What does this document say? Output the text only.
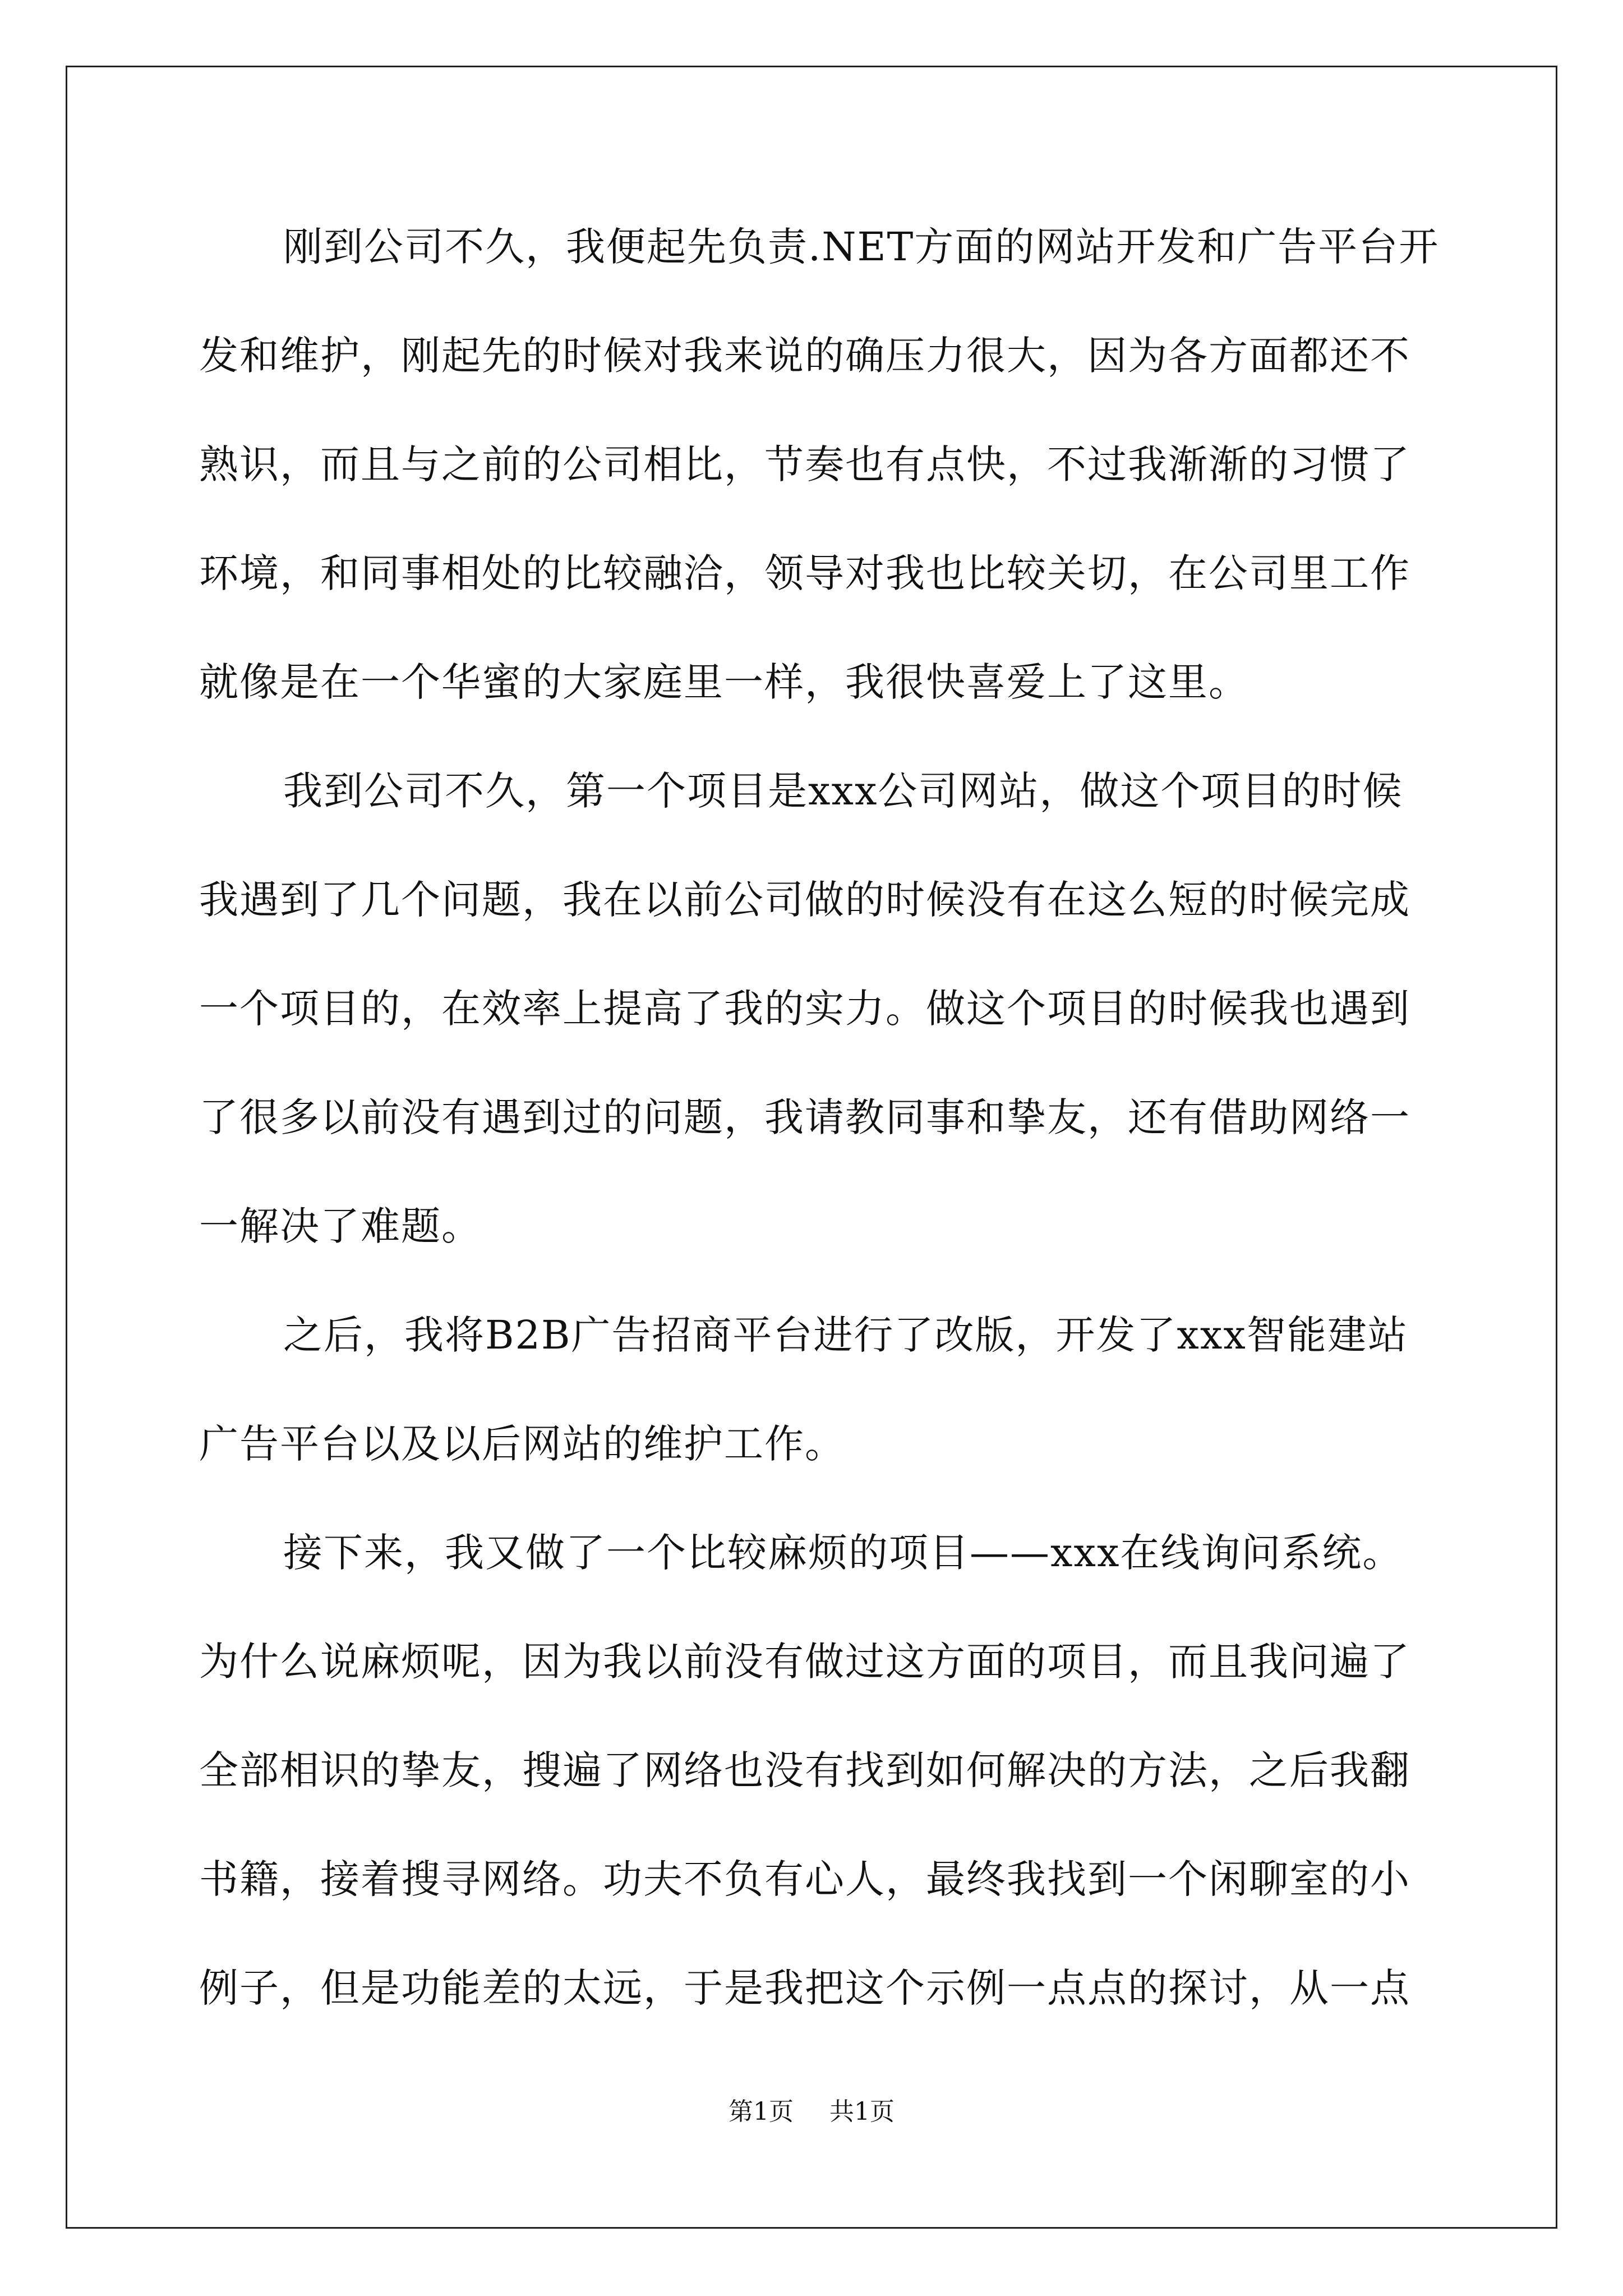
刚到公司不久，我便起先负责.NET方面的网站开发和广告平台开
发和维护，刚起先的时候对我来说的确压力很大，因为各方面都还不
熟识，而且与之前的公司相比，节奏也有点快，不过我渐渐的习惯了
环境，和同事相处的比较融洽，领导对我也比较关切，在公司里工作
就像是在一个华蜜的大家庭里一样，我很快喜爱上了这里。
我到公司不久，第一个项目是xxx公司网站，做这个项目的时候
我遇到了几个问题，我在以前公司做的时候没有在这么短的时候完成
一个项目的，在效率上提高了我的实力。做这个项目的时候我也遇到
了很多以前没有遇到过的问题，我请教同事和挚友，还有借助网络一
一解决了难题。
之后，我将B2B广告招商平台进行了改版，开发了xxx智能建站
广告平台以及以后网站的维护工作。
接下来，我又做了一个比较麻烦的项目——xxx在线询问系统。
为什么说麻烦呢，因为我以前没有做过这方面的项目，而且我问遍了
全部相识的挚友，搜遍了网络也没有找到如何解决的方法，之后我翻
书籍，接着搜寻网络。功夫不负有心人，最终我找到一个闲聊室的小
例子，但是功能差的太远，于是我把这个示例一点点的探讨，从一点
第1页 共1页
